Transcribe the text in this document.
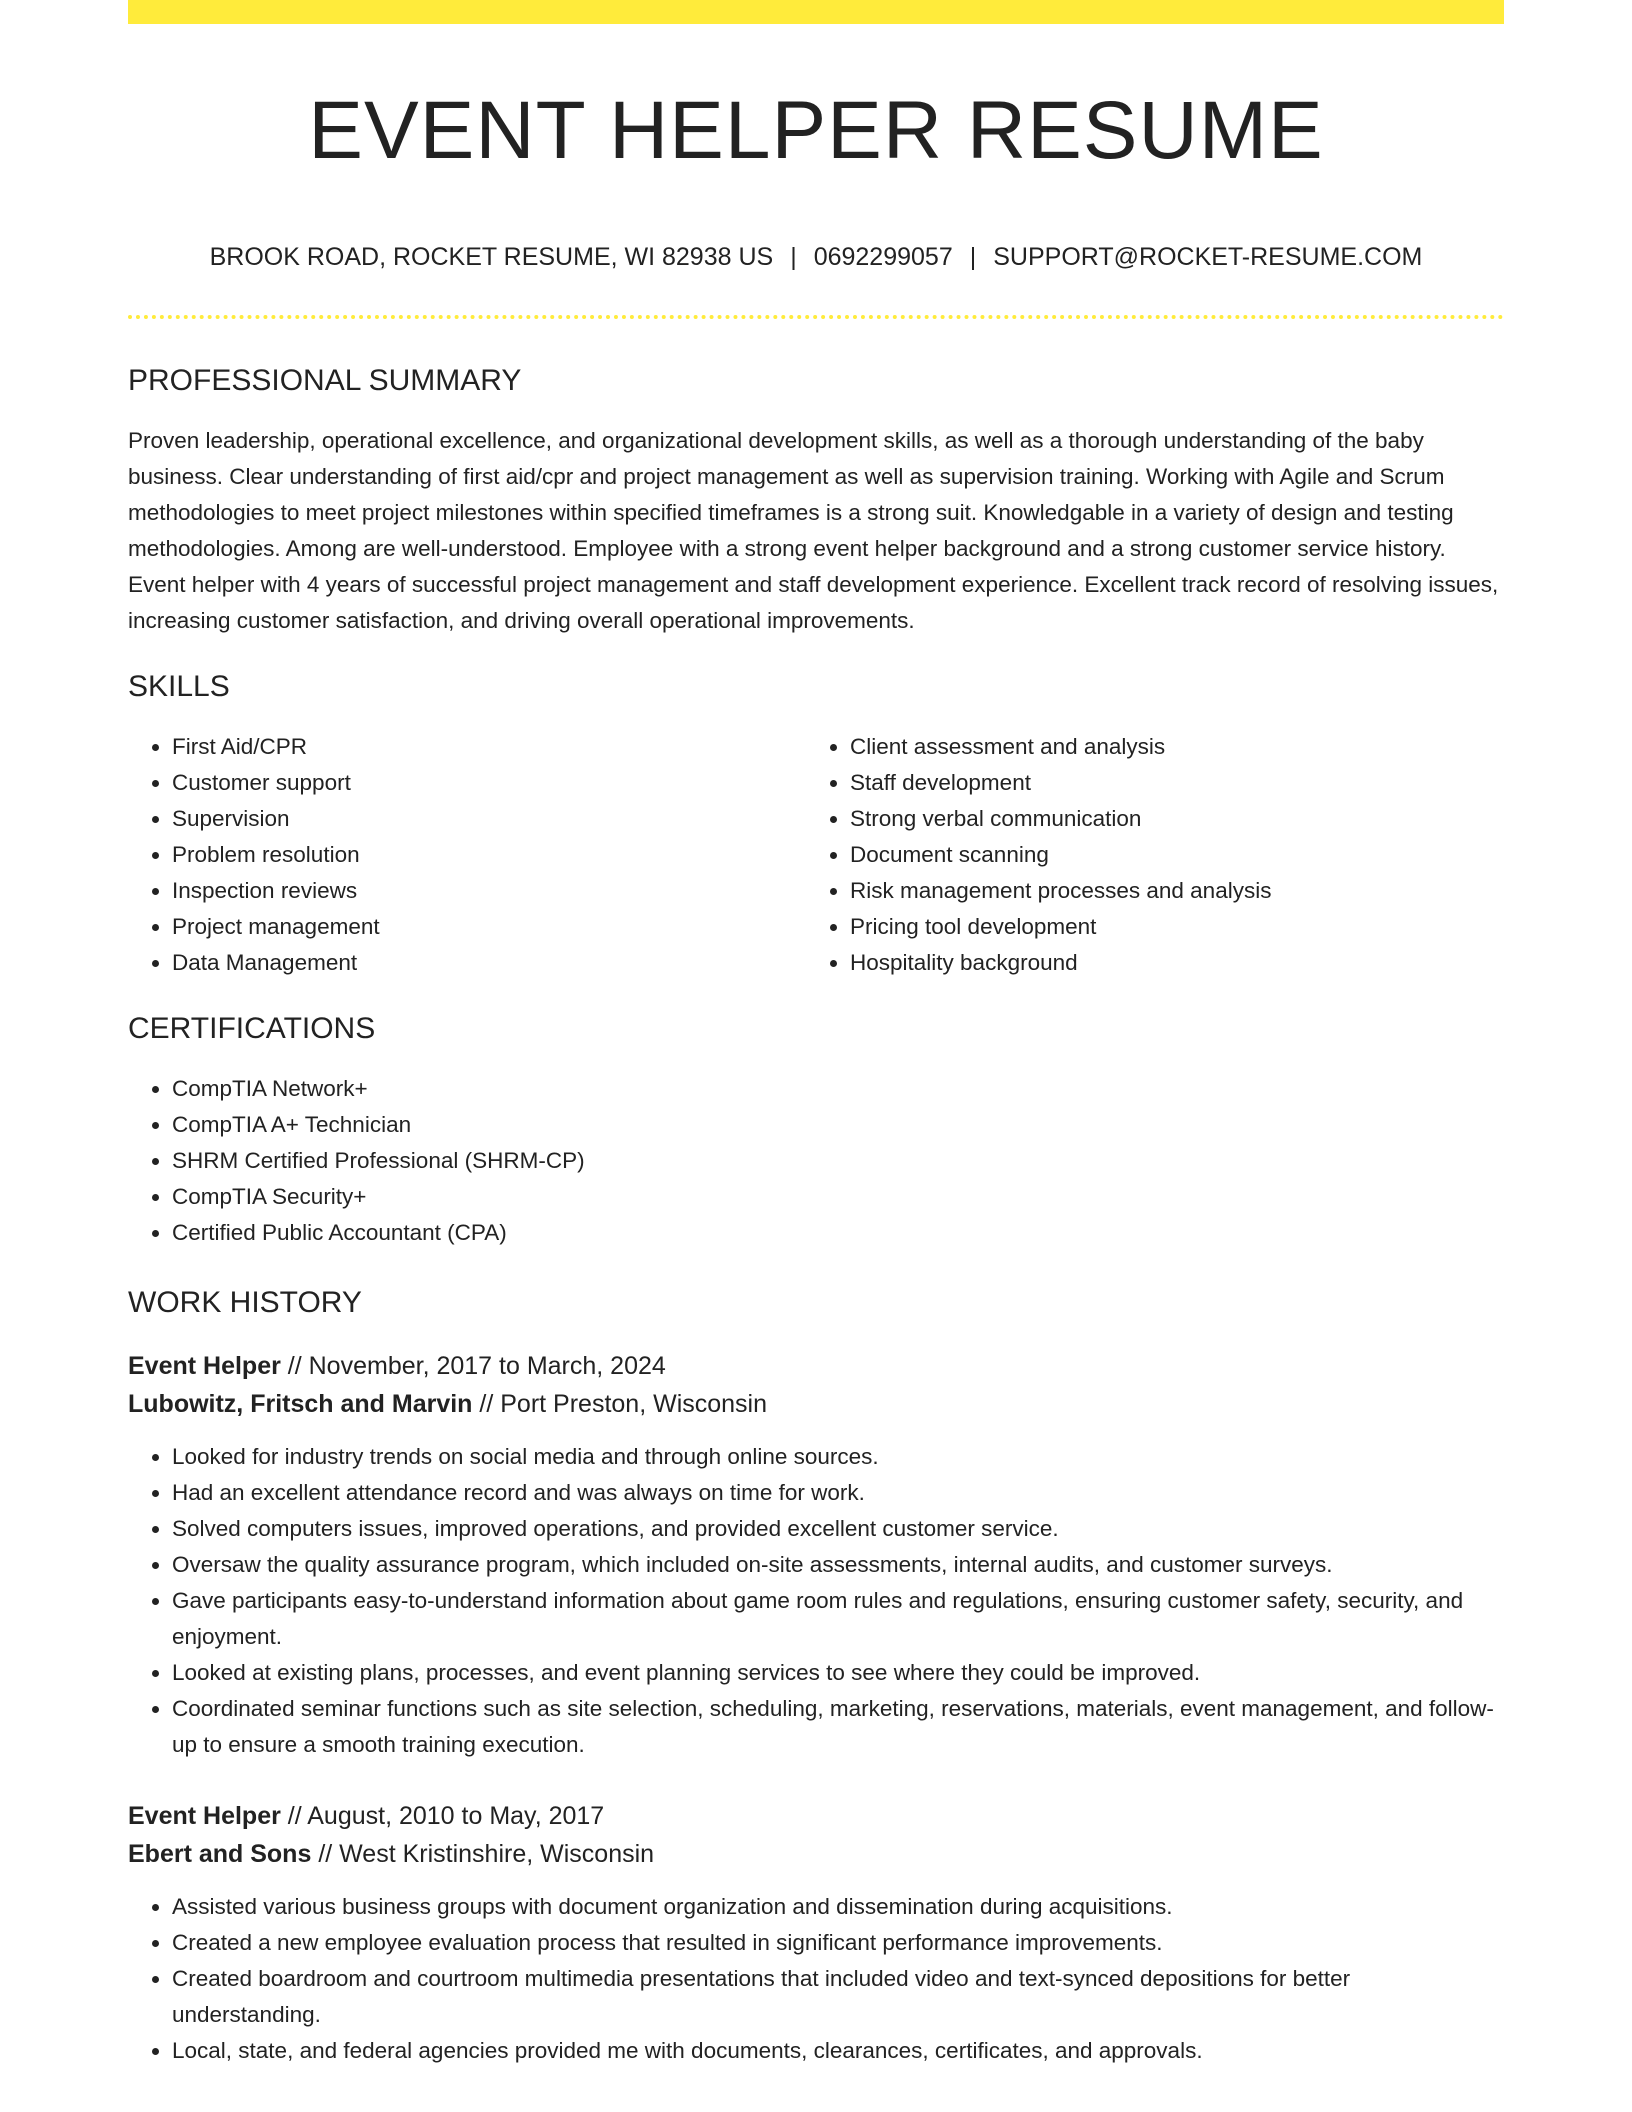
EVENT HELPER RESUME
BROOK ROAD, ROCKET RESUME, WI 82938 US | 0692299057 | SUPPORT@ROCKET-RESUME.COM
PROFESSIONAL SUMMARY

Proven leadership, operational excellence, and organizational development skills, as well as a thorough understanding of the baby business. Clear understanding of first aid/cpr and project management as well as supervision training. Working with Agile and Scrum methodologies to meet project milestones within specified timeframes is a strong suit. Knowledgable in a variety of design and testing methodologies. Among are well-understood. Employee with a strong event helper background and a strong customer service history. Event helper with 4 years of successful project management and staff development experience. Excellent track record of resolving issues, increasing customer satisfaction, and driving overall operational improvements.

SKILLS
• First Aid/CPR
• Customer support
• Supervision
• Problem resolution
• Inspection reviews
• Project management
• Data Management
• Client assessment and analysis
• Staff development
• Strong verbal communication
• Document scanning
• Risk management processes and analysis
• Pricing tool development
• Hospitality background
CERTIFICATIONS
• CompTIA Network+
• CompTIA A+ Technician
• SHRM Certified Professional (SHRM-CP)
• CompTIA Security+
• Certified Public Accountant (CPA)
WORK HISTORY
Event Helper // November, 2017 to March, 2024
Lubowitz, Fritsch and Marvin // Port Preston, Wisconsin
• Looked for industry trends on social media and through online sources.
• Had an excellent attendance record and was always on time for work.
• Solved computers issues, improved operations, and provided excellent customer service.
• Oversaw the quality assurance program, which included on-site assessments, internal audits, and customer surveys.
• Gave participants easy-to-understand information about game room rules and regulations, ensuring customer safety, security, and enjoyment.
• Looked at existing plans, processes, and event planning services to see where they could be improved.
• Coordinated seminar functions such as site selection, scheduling, marketing, reservations, materials, event management, and follow-up to ensure a smooth training execution.
Event Helper // August, 2010 to May, 2017
Ebert and Sons // West Kristinshire, Wisconsin
• Assisted various business groups with document organization and dissemination during acquisitions.
• Created a new employee evaluation process that resulted in significant performance improvements.
• Created boardroom and courtroom multimedia presentations that included video and text-synced depositions for better understanding.
• Local, state, and federal agencies provided me with documents, clearances, certificates, and approvals.
